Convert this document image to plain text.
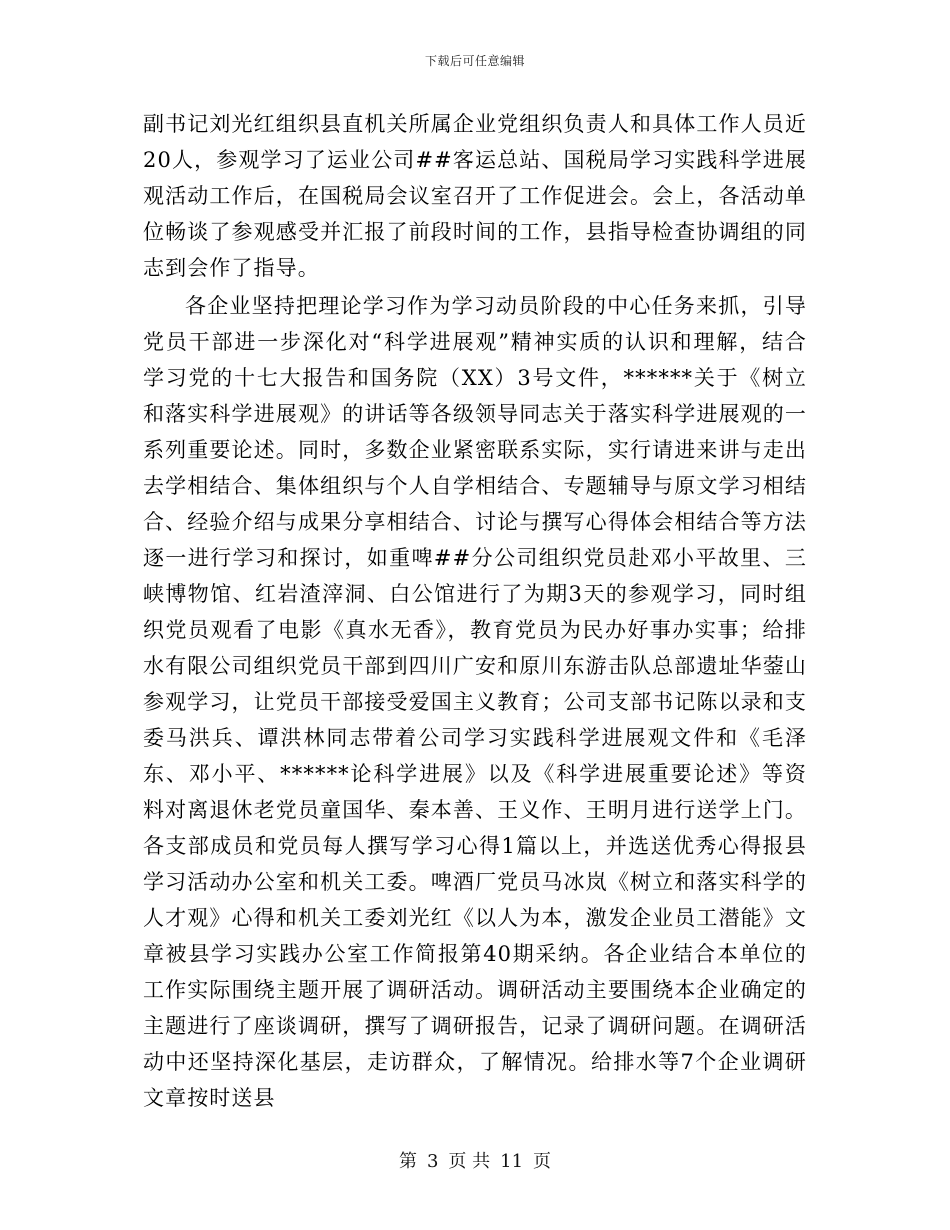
下载后可任意编辑

副书记刘光红组织县直机关所属企业党组织负责人和具体工作人员近20人，参观学习了运业公司##客运总站、国税局学习实践科学进展观活动工作后，在国税局会议室召开了工作促进会。会上，各活动单位畅谈了参观感受并汇报了前段时间的工作，县指导检查协调组的同志到会作了指导。

各企业坚持把理论学习作为学习动员阶段的中心任务来抓，引导党员干部进一步深化对“科学进展观”精神实质的认识和理解，结合学习党的十七大报告和国务院（XX）3号文件，******关于《树立和落实科学进展观》的讲话等各级领导同志关于落实科学进展观的一系列重要论述。同时，多数企业紧密联系实际，实行请进来讲与走出去学相结合、集体组织与个人自学相结合、专题辅导与原文学习相结合、经验介绍与成果分享相结合、讨论与撰写心得体会相结合等方法逐一进行学习和探讨，如重啤##分公司组织党员赴邓小平故里、三峡博物馆、红岩渣滓洞、白公馆进行了为期3天的参观学习，同时组织党员观看了电影《真水无香》，教育党员为民办好事办实事；给排水有限公司组织党员干部到四川广安和原川东游击队总部遗址华蓥山参观学习，让党员干部接受爱国主义教育；公司支部书记陈以录和支委马洪兵、谭洪林同志带着公司学习实践科学进展观文件和《毛泽东、邓小平、******论科学进展》以及《科学进展重要论述》等资料对离退休老党员童国华、秦本善、王义作、王明月进行送学上门。各支部成员和党员每人撰写学习心得1篇以上，并选送优秀心得报县学习活动办公室和机关工委。啤酒厂党员马冰岚《树立和落实科学的人才观》心得和机关工委刘光红《以人为本，激发企业员工潜能》文章被县学习实践办公室工作简报第40期采纳。各企业结合本单位的工作实际围绕主题开展了调研活动。调研活动主要围绕本企业确定的主题进行了座谈调研，撰写了调研报告，记录了调研问题。在调研活动中还坚持深化基层，走访群众，了解情况。给排水等7个企业调研文章按时送县

第 3 页 共 11 页
